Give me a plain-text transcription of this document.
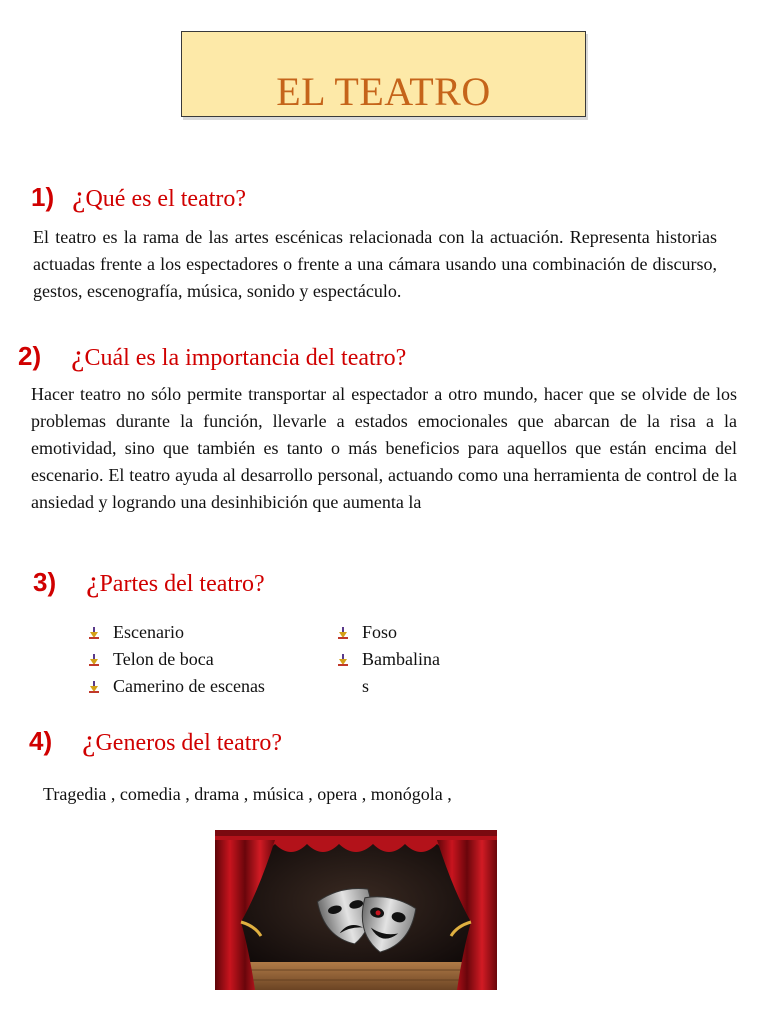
EL TEATRO
1) ¿Qué es el teatro?

El teatro es la rama de las artes escénicas relacionada con la actuación. Representa historias actuadas frente a los espectadores o frente a una cámara usando una combinación de discurso, gestos, escenografía, música, sonido y espectáculo.

2) ¿Cuál es la importancia del teatro?

Hacer teatro no sólo permite transportar al espectador a otro mundo, hacer que se olvide de los problemas durante la función, llevarle a estados emocionales que abarcan de la risa a la emotividad, sino que también es tanto o más beneficios para aquellos que están encima del escenario. El teatro ayuda al desarrollo personal, actuando como una herramienta de control de la ansiedad y logrando una desinhibición que aumenta la

3) ¿Partes del teatro?
Escenario
Telon de boca
Camerino de escenas
Foso
Bambalina
s
4) ¿Generos del teatro?
Tragedia , comedia , drama , música , opera , monógola ,
